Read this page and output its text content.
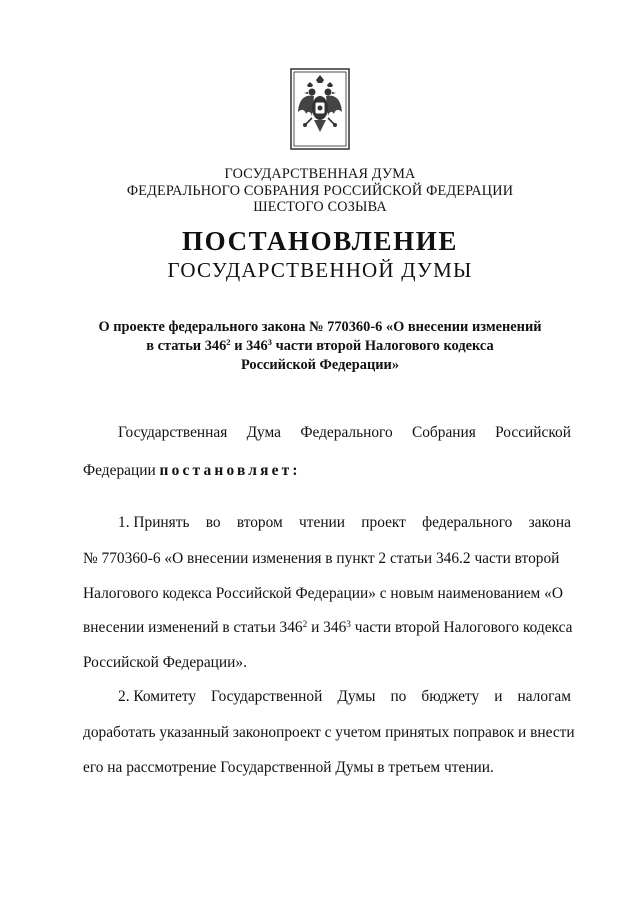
ГОСУДАРСТВЕННАЯ ДУМА
ФЕДЕРАЛЬНОГО СОБРАНИЯ РОССИЙСКОЙ ФЕДЕРАЦИИ
ШЕСТОГО СОЗЫВА
ПОСТАНОВЛЕНИЕ
ГОСУДАРСТВЕННОЙ ДУМЫ
О проекте федерального закона № 770360-6 «О внесении изменений
в статьи $346^2$ и $346^3$ части второй Налогового кодекса
Российской Федерации»
Государственная Дума Федерального Собрания Российской
Федерации постановляет:
1. Принять во втором чтении проект федерального закона
№ 770360-6 «О внесении изменения в пункт 2 статьи 346.2 части второй
Налогового кодекса Российской Федерации» с новым наименованием «О
внесении изменений в статьи $346^2$ и $346^3$ части второй Налогового кодекса
Российской Федерации».
2. Комитету Государственной Думы по бюджету и налогам
доработать указанный законопроект с учетом принятых поправок и внести
его на рассмотрение Государственной Думы в третьем чтении.
